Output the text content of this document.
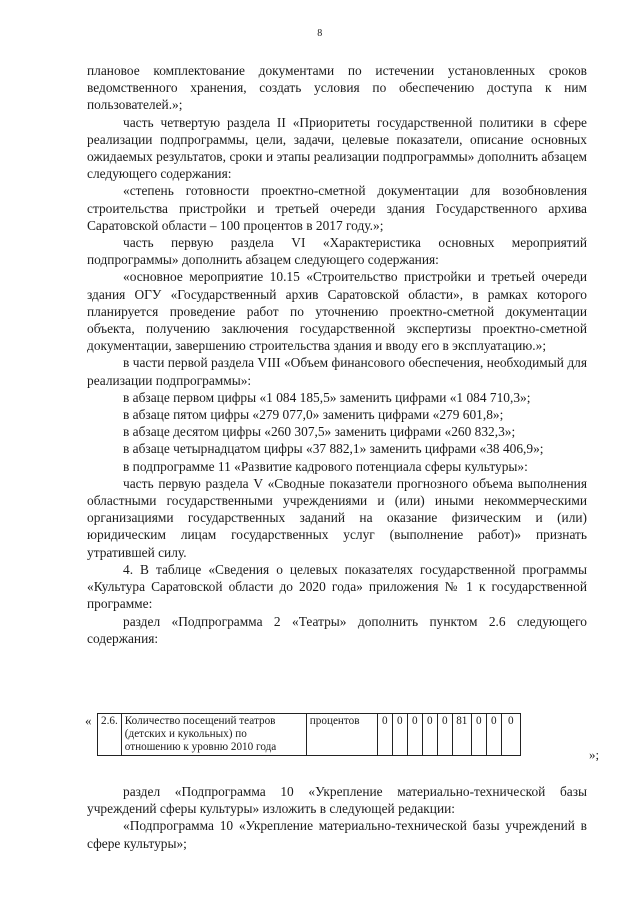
8

плановое комплектование документами по истечении установленных сроков ведомственного хранения, создать условия по обеспечению доступа к ним пользователей.»;

часть четвертую раздела II «Приоритеты государственной политики в сфере реализации подпрограммы, цели, задачи, целевые показатели, описание основных ожидаемых результатов, сроки и этапы реализации подпрограммы» дополнить абзацем следующего содержания:

«степень готовности проектно-сметной документации для возобновления строительства пристройки и третьей очереди здания Государственного архива Саратовской области – 100 процентов в 2017 году.»;

часть первую раздела VI «Характеристика основных мероприятий подпрограммы» дополнить абзацем следующего содержания:

«основное мероприятие 10.15 «Строительство пристройки и третьей очереди здания ОГУ «Государственный архив Саратовской области», в рамках которого планируется проведение работ по уточнению проектно-сметной документации объекта, получению заключения государственной экспертизы проектно-сметной документации, завершению строительства здания и вводу его в эксплуатацию.»;

в части первой раздела VIII «Объем финансового обеспечения, необходимый для реализации подпрограммы»:

в абзаце первом цифры «1 084 185,5» заменить цифрами «1 084 710,3»;

в абзаце пятом цифры «279 077,0» заменить цифрами «279 601,8»;

в абзаце десятом цифры «260 307,5» заменить цифрами «260 832,3»;

в абзаце четырнадцатом цифры «37 882,1» заменить цифрами «38 406,9»;

в подпрограмме 11 «Развитие кадрового потенциала сферы культуры»:

часть первую раздела V «Сводные показатели прогнозного объема выполнения областными государственными учреждениями и (или) иными некоммерческими организациями государственных заданий на оказание физическим и (или) юридическим лицам государственных услуг (выполнение работ)» признать утратившей силу.

4. В таблице «Сведения о целевых показателях государственной программы «Культура Саратовской области до 2020 года» приложения № 1 к государственной программе:

раздел «Подпрограмма 2 «Театры» дополнить пунктом 2.6 следующего содержания:

« 2.6.	Количество посещений театров (детских и кукольных) по отношению к уровню 2010 года	процентов	0	0	0	0	0	81	0	0	0
»;

раздел «Подпрограмма 10 «Укрепление материально-технической базы учреждений сферы культуры» изложить в следующей редакции:

«Подпрограмма 10 «Укрепление материально-технической базы учреждений в сфере культуры»;
